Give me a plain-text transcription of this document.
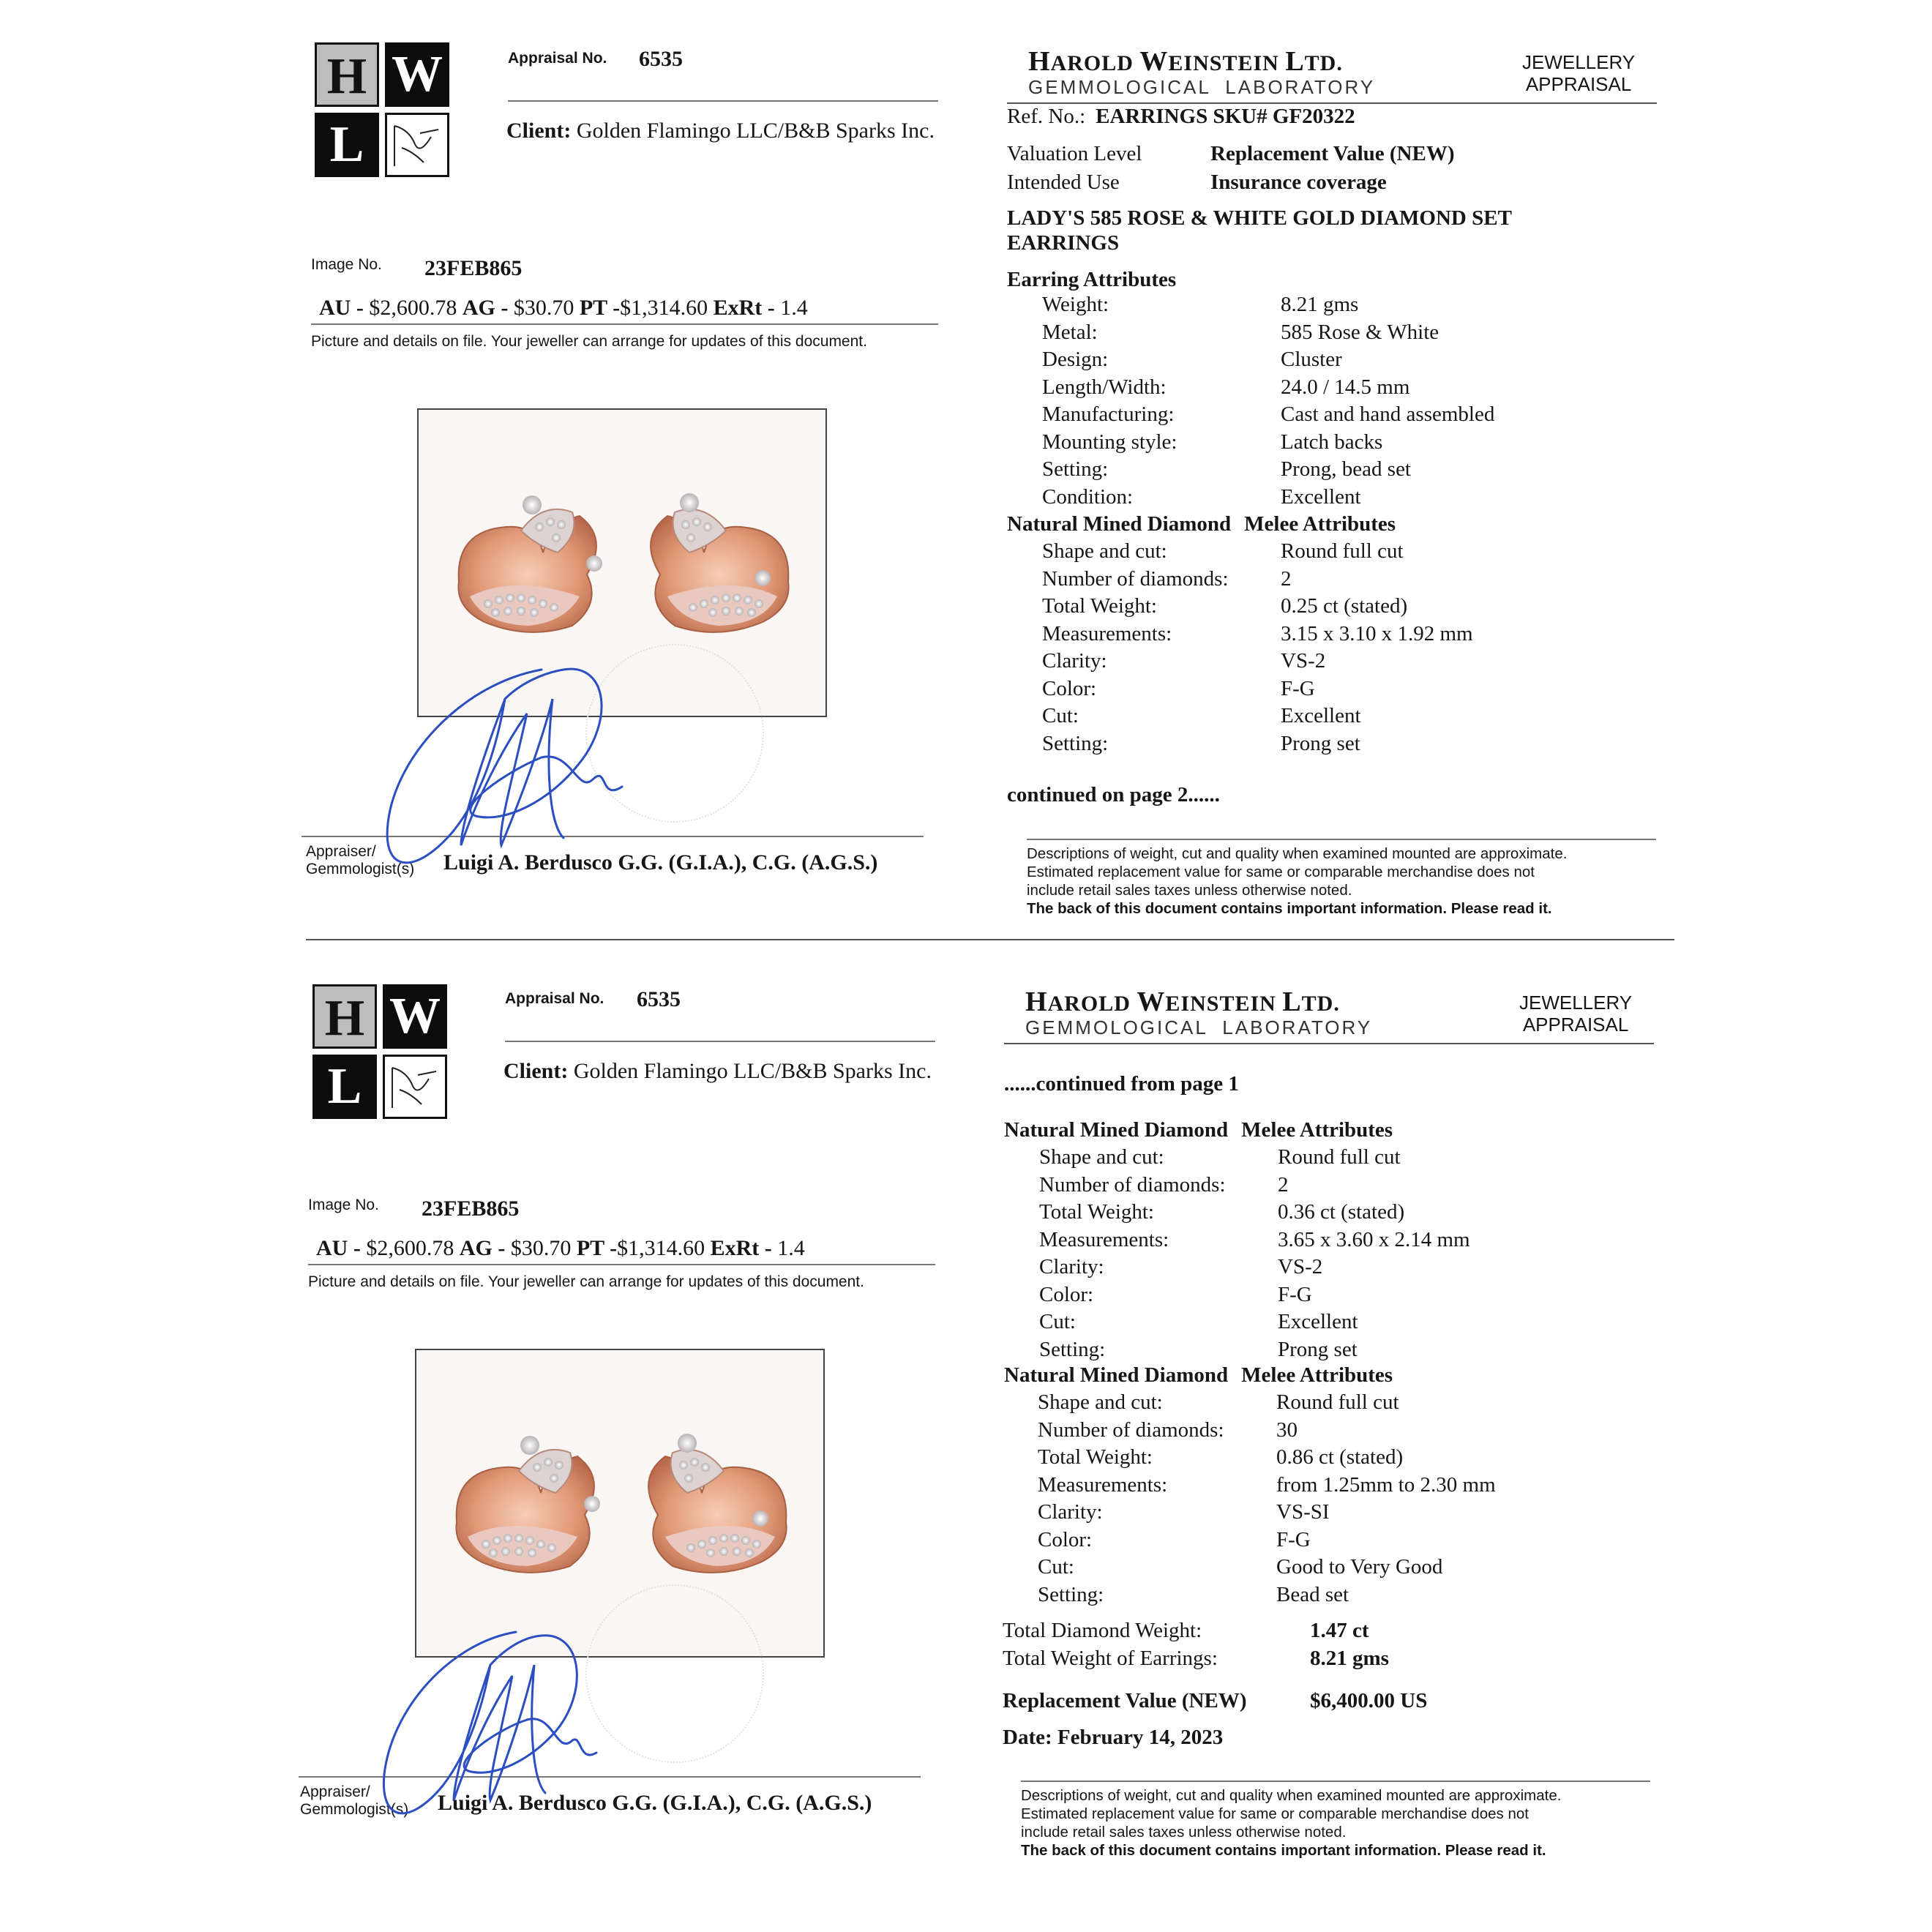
H W
L
Appraisal No. 6535
Client: Golden Flamingo LLC/B&B Sparks Inc.
Image No. 23FEB865
AU - $2,600.78 AG - $30.70 PT -$1,314.60 ExRt - 1.4
Picture and details on file. Your jeweller can arrange for updates of this document.
Appraiser/
Gemmologist(s) Luigi A. Berdusco G.G. (G.I.A.), C.G. (A.G.S.)
HAROLD WEINSTEIN LTD.
GEMMOLOGICAL  LABORATORY
JEWELLERY
APPRAISAL
Ref. No.: EARRINGS SKU# GF20322
Valuation Level	Replacement Value (NEW)
Intended Use	Insurance coverage
LADY'S 585 ROSE & WHITE GOLD DIAMOND SET
EARRINGS
Earring Attributes
Weight:	8.21 gms
Metal:	585 Rose & White
Design:	Cluster
Length/Width:	24.0 / 14.5 mm
Manufacturing:	Cast and hand assembled
Mounting style:	Latch backs
Setting:	Prong, bead set
Condition:	Excellent
Natural Mined Diamond Melee Attributes
Shape and cut:	Round full cut
Number of diamonds: 2
Total Weight:	0.25 ct (stated)
Measurements:	3.15 x 3.10 x 1.92 mm
Clarity:	VS-2
Color:	F-G
Cut:	Excellent
Setting:	Prong set
continued on page 2......
Descriptions of weight, cut and quality when examined mounted are approximate.
Estimated replacement value for same or comparable merchandise does not
include retail sales taxes unless otherwise noted.
The back of this document contains important information. Please read it.
H W
L
Appraisal No. 6535
Client: Golden Flamingo LLC/B&B Sparks Inc.
Image No. 23FEB865
AU - $2,600.78 AG - $30.70 PT -$1,314.60 ExRt - 1.4
Picture and details on file. Your jeweller can arrange for updates of this document.
Appraiser/
Gemmologist(s) Luigi A. Berdusco G.G. (G.I.A.), C.G. (A.G.S.)
HAROLD WEINSTEIN LTD.
GEMMOLOGICAL  LABORATORY
JEWELLERY
APPRAISAL
......continued from page 1
Natural Mined Diamond Melee Attributes
Shape and cut:	Round full cut
Number of diamonds: 2
Total Weight:	0.36 ct (stated)
Measurements:	3.65 x 3.60 x 2.14 mm
Clarity:	VS-2
Color:	F-G
Cut:	Excellent
Setting:	Prong set
Natural Mined Diamond Melee Attributes
Shape and cut:	Round full cut
Number of diamonds: 30
Total Weight:	0.86 ct (stated)
Measurements:	from 1.25mm to 2.30 mm
Clarity:	VS-SI
Color:	F-G
Cut:	Good to Very Good
Setting:	Bead set
Total Diamond Weight:	1.47 ct
Total Weight of Earrings:	8.21 gms
Replacement Value (NEW)	$6,400.00 US
Date: February 14, 2023
Descriptions of weight, cut and quality when examined mounted are approximate.
Estimated replacement value for same or comparable merchandise does not
include retail sales taxes unless otherwise noted.
The back of this document contains important information. Please read it.
